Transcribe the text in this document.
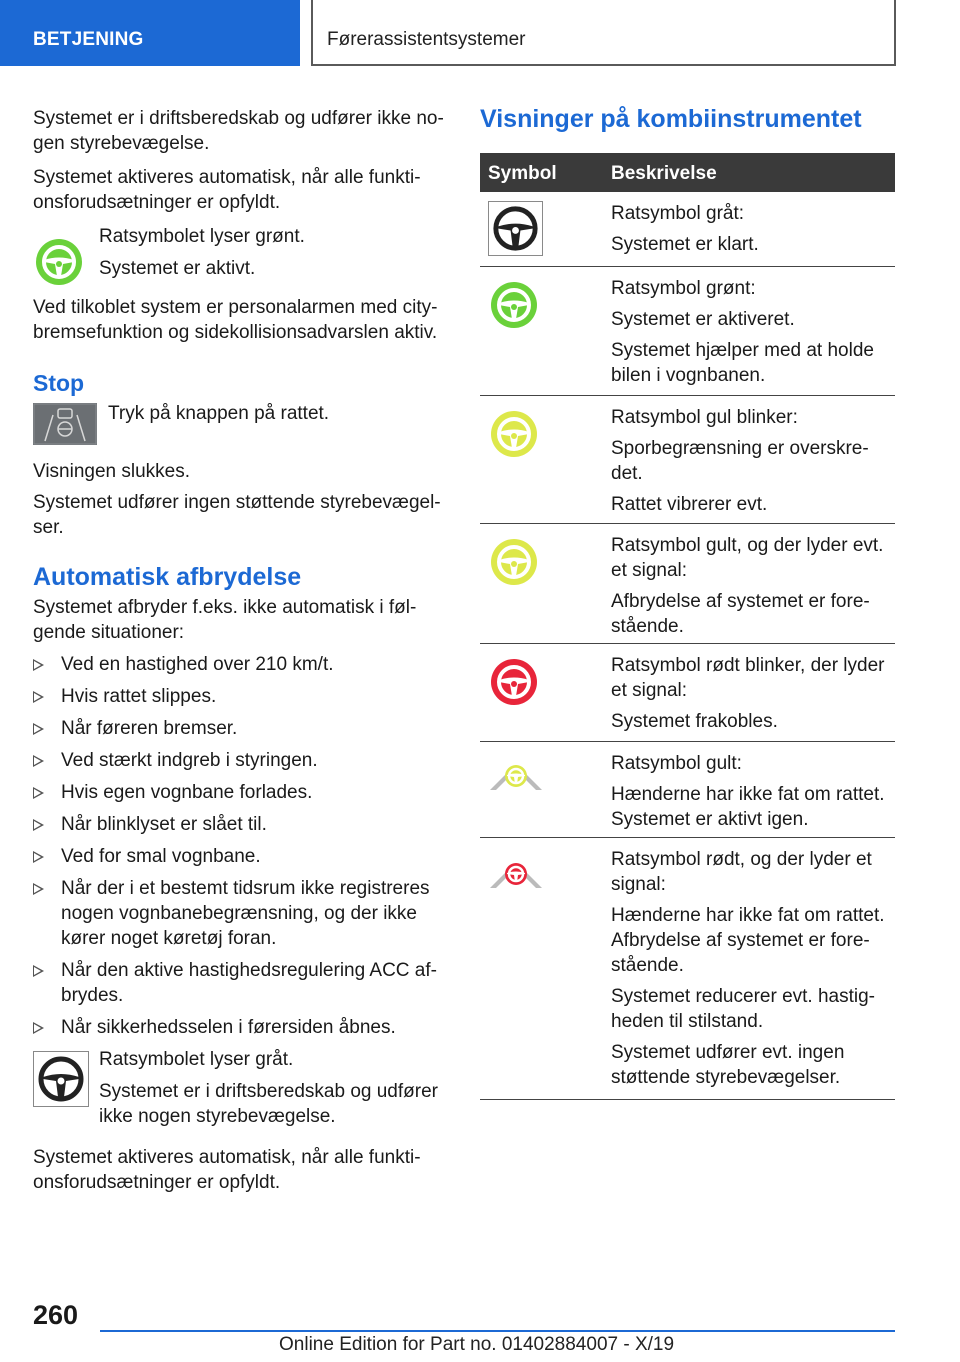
BETJENING	Førerassistentsystemer
Systemet er i driftsberedskab og udfører ikke no-gen styrebevægelse.
Systemet aktiveres automatisk, når alle funkti-onsforudsætninger er opfyldt.
Ratsymbolet lyser grønt.
Systemet er aktivt.
Ved tilkoblet system er personalarmen med city-bremsefunktion og sidekollisionsadvarslen aktiv.
Stop
Tryk på knappen på rattet.
Visningen slukkes.
Systemet udfører ingen støttende styrebevægel-ser.
Automatisk afbrydelse
Systemet afbryder f.eks. ikke automatisk i føl-gende situationer:
Ved en hastighed over 210 km/t.
Hvis rattet slippes.
Når føreren bremser.
Ved stærkt indgreb i styringen.
Hvis egen vognbane forlades.
Når blinklyset er slået til.
Ved for smal vognbane.
Når der i et bestemt tidsrum ikke registreres nogen vognbanebegrænsning, og der ikke kører noget køretøj foran.
Når den aktive hastighedsregulering ACC af-brydes.
Når sikkerhedsselen i førersiden åbnes.
Ratsymbolet lyser gråt.
Systemet er i driftsberedskab og udfører ikke nogen styrebevægelse.
Systemet aktiveres automatisk, når alle funkti-onsforudsætninger er opfyldt.
Visninger på kombiinstrumentet
Symbol	Beskrivelse
Ratsymbol gråt:
Systemet er klart.
Ratsymbol grønt:
Systemet er aktiveret.
Systemet hjælper med at holde bilen i vognbanen.
Ratsymbol gul blinker:
Sporbegrænsning er overskre-det.
Rattet vibrerer evt.
Ratsymbol gult, og der lyder evt. et signal:
Afbrydelse af systemet er fore-stående.
Ratsymbol rødt blinker, der lyder et signal:
Systemet frakobles.
Ratsymbol gult:
Hænderne har ikke fat om rattet. Systemet er aktivt igen.
Ratsymbol rødt, og der lyder et signal:
Hænderne har ikke fat om rattet. Afbrydelse af systemet er fore-stående.
Systemet reducerer evt. hastig-heden til stilstand.
Systemet udfører evt. ingen støttende styrebevægelser.
260
Online Edition for Part no. 01402884007 - X/19
